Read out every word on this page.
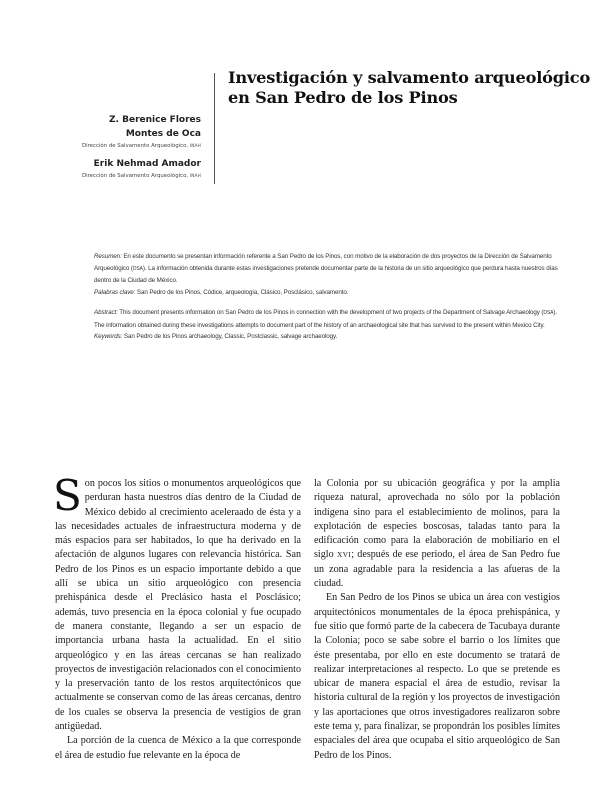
Investigación y salvamento arqueológico
en San Pedro de los Pinos
Z. Berenice Flores
Montes de Oca
Dirección de Salvamento Arqueológico, INAH
Erik Nehmad Amador
Dirección de Salvamento Arqueológico, INAH

Resumen: En este documento se presentan información referente a San Pedro de los Pinos, con motivo de la elaboración de dos proyectos de la Dirección de Salvamento Arqueológico (DSA). La información obtenida durante estas investigaciones pretende documentar parte de la historia de un sitio arqueológico que perdura hasta nuestros días dentro de la Ciudad de México.

Palabras clave: San Pedro de los Pinos, Códice, arqueología, Clásico, Posclásico, salvamento.

Abstract: This document presents information on San Pedro de los Pinos in connection with the development of two projects of the Department of Salvage Archaeology (DSA). The information obtained during these investigations attempts to document part of the history of an archaeological site that has survived to the present within Mexico City.

Keywords: San Pedro de los Pinos archaeology, Classic, Postclassic, salvage archaeology.

Son pocos los sitios o monumentos arqueológicos que perduran hasta nuestros días dentro de la Ciudad de México debido al crecimiento aceleraado de ésta y a las necesidades actuales de infraestructura moderna y de más espacios para ser habitados, lo que ha derivado en la afectación de algunos lugares con relevancia histórica. San Pedro de los Pinos es un espacio importante debido a que allí se ubica un sitio arqueológico con presencia prehispánica desde el Preclásico hasta el Posclásico; además, tuvo presencia en la época colonial y fue ocupado de manera constante, llegando a ser un espacio de importancia urbana hasta la actualidad. En el sitio arqueológico y en las áreas cercanas se han realizado proyectos de investigación relacionados con el conocimiento y la preservación tanto de los restos arquitectónicos que actualmente se conservan como de las áreas cercanas, dentro de los cuales se observa la presencia de vestigios de gran antigüedad.

La porción de la cuenca de México a la que corresponde el área de estudio fue relevante en la época de

la Colonia por su ubicación geográfica y por la amplia riqueza natural, aprovechada no sólo por la población indígena sino para el establecimiento de molinos, para la explotación de especies boscosas, taladas tanto para la edificación como para la elaboración de mobiliario en el siglo XVI; después de ese periodo, el área de San Pedro fue un zona agradable para la residencia a las afueras de la ciudad.

En San Pedro de los Pinos se ubica un área con vestigios arquitectónicos monumentales de la época prehispánica, y fue sitio que formó parte de la cabecera de Tacubaya durante la Colonia; poco se sabe sobre el barrio o los límites que éste presentaba, por ello en este documento se tratará de realizar interpretaciones al respecto. Lo que se pretende es ubicar de manera espacial el área de estudio, revisar la historia cultural de la región y los proyectos de investigación y las aportaciones que otros investigadores realizaron sobre este tema y, para finalizar, se propondrán los posibles límites espaciales del área que ocupaba el sitio arqueológico de San Pedro de los Pinos.
